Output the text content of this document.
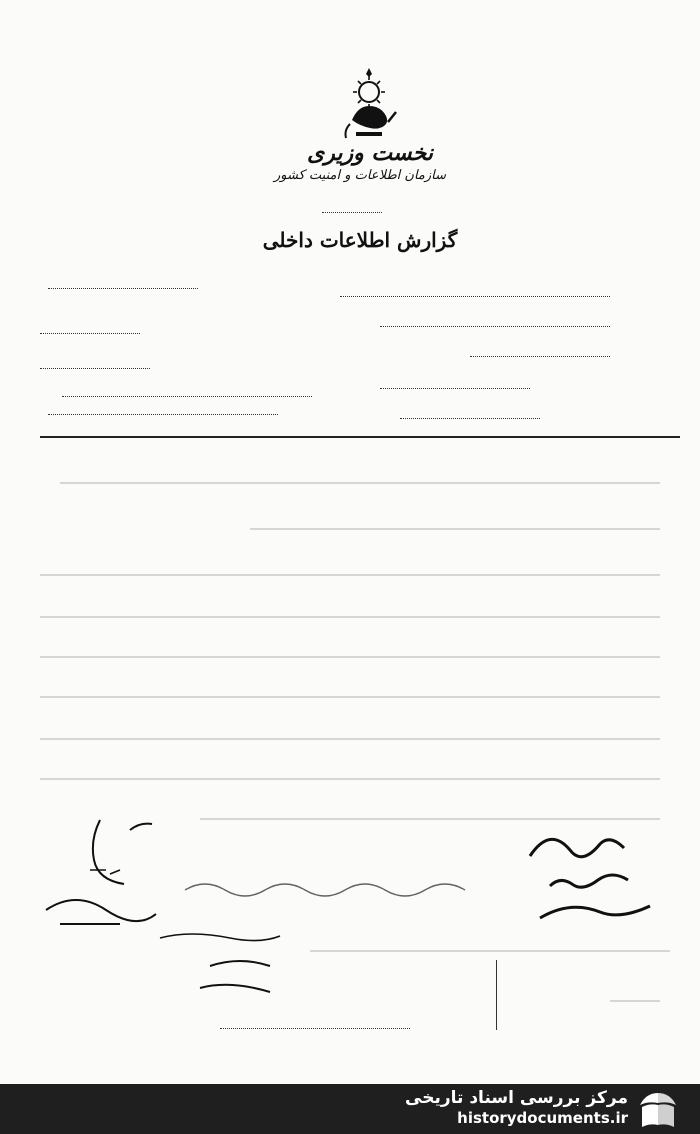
نخست وزیری
سازمان اطلاعات و امنیت کشور
گزارش اطلاعات داخلی
مرکز بررسی اسناد تاریخی
historydocuments.ir
